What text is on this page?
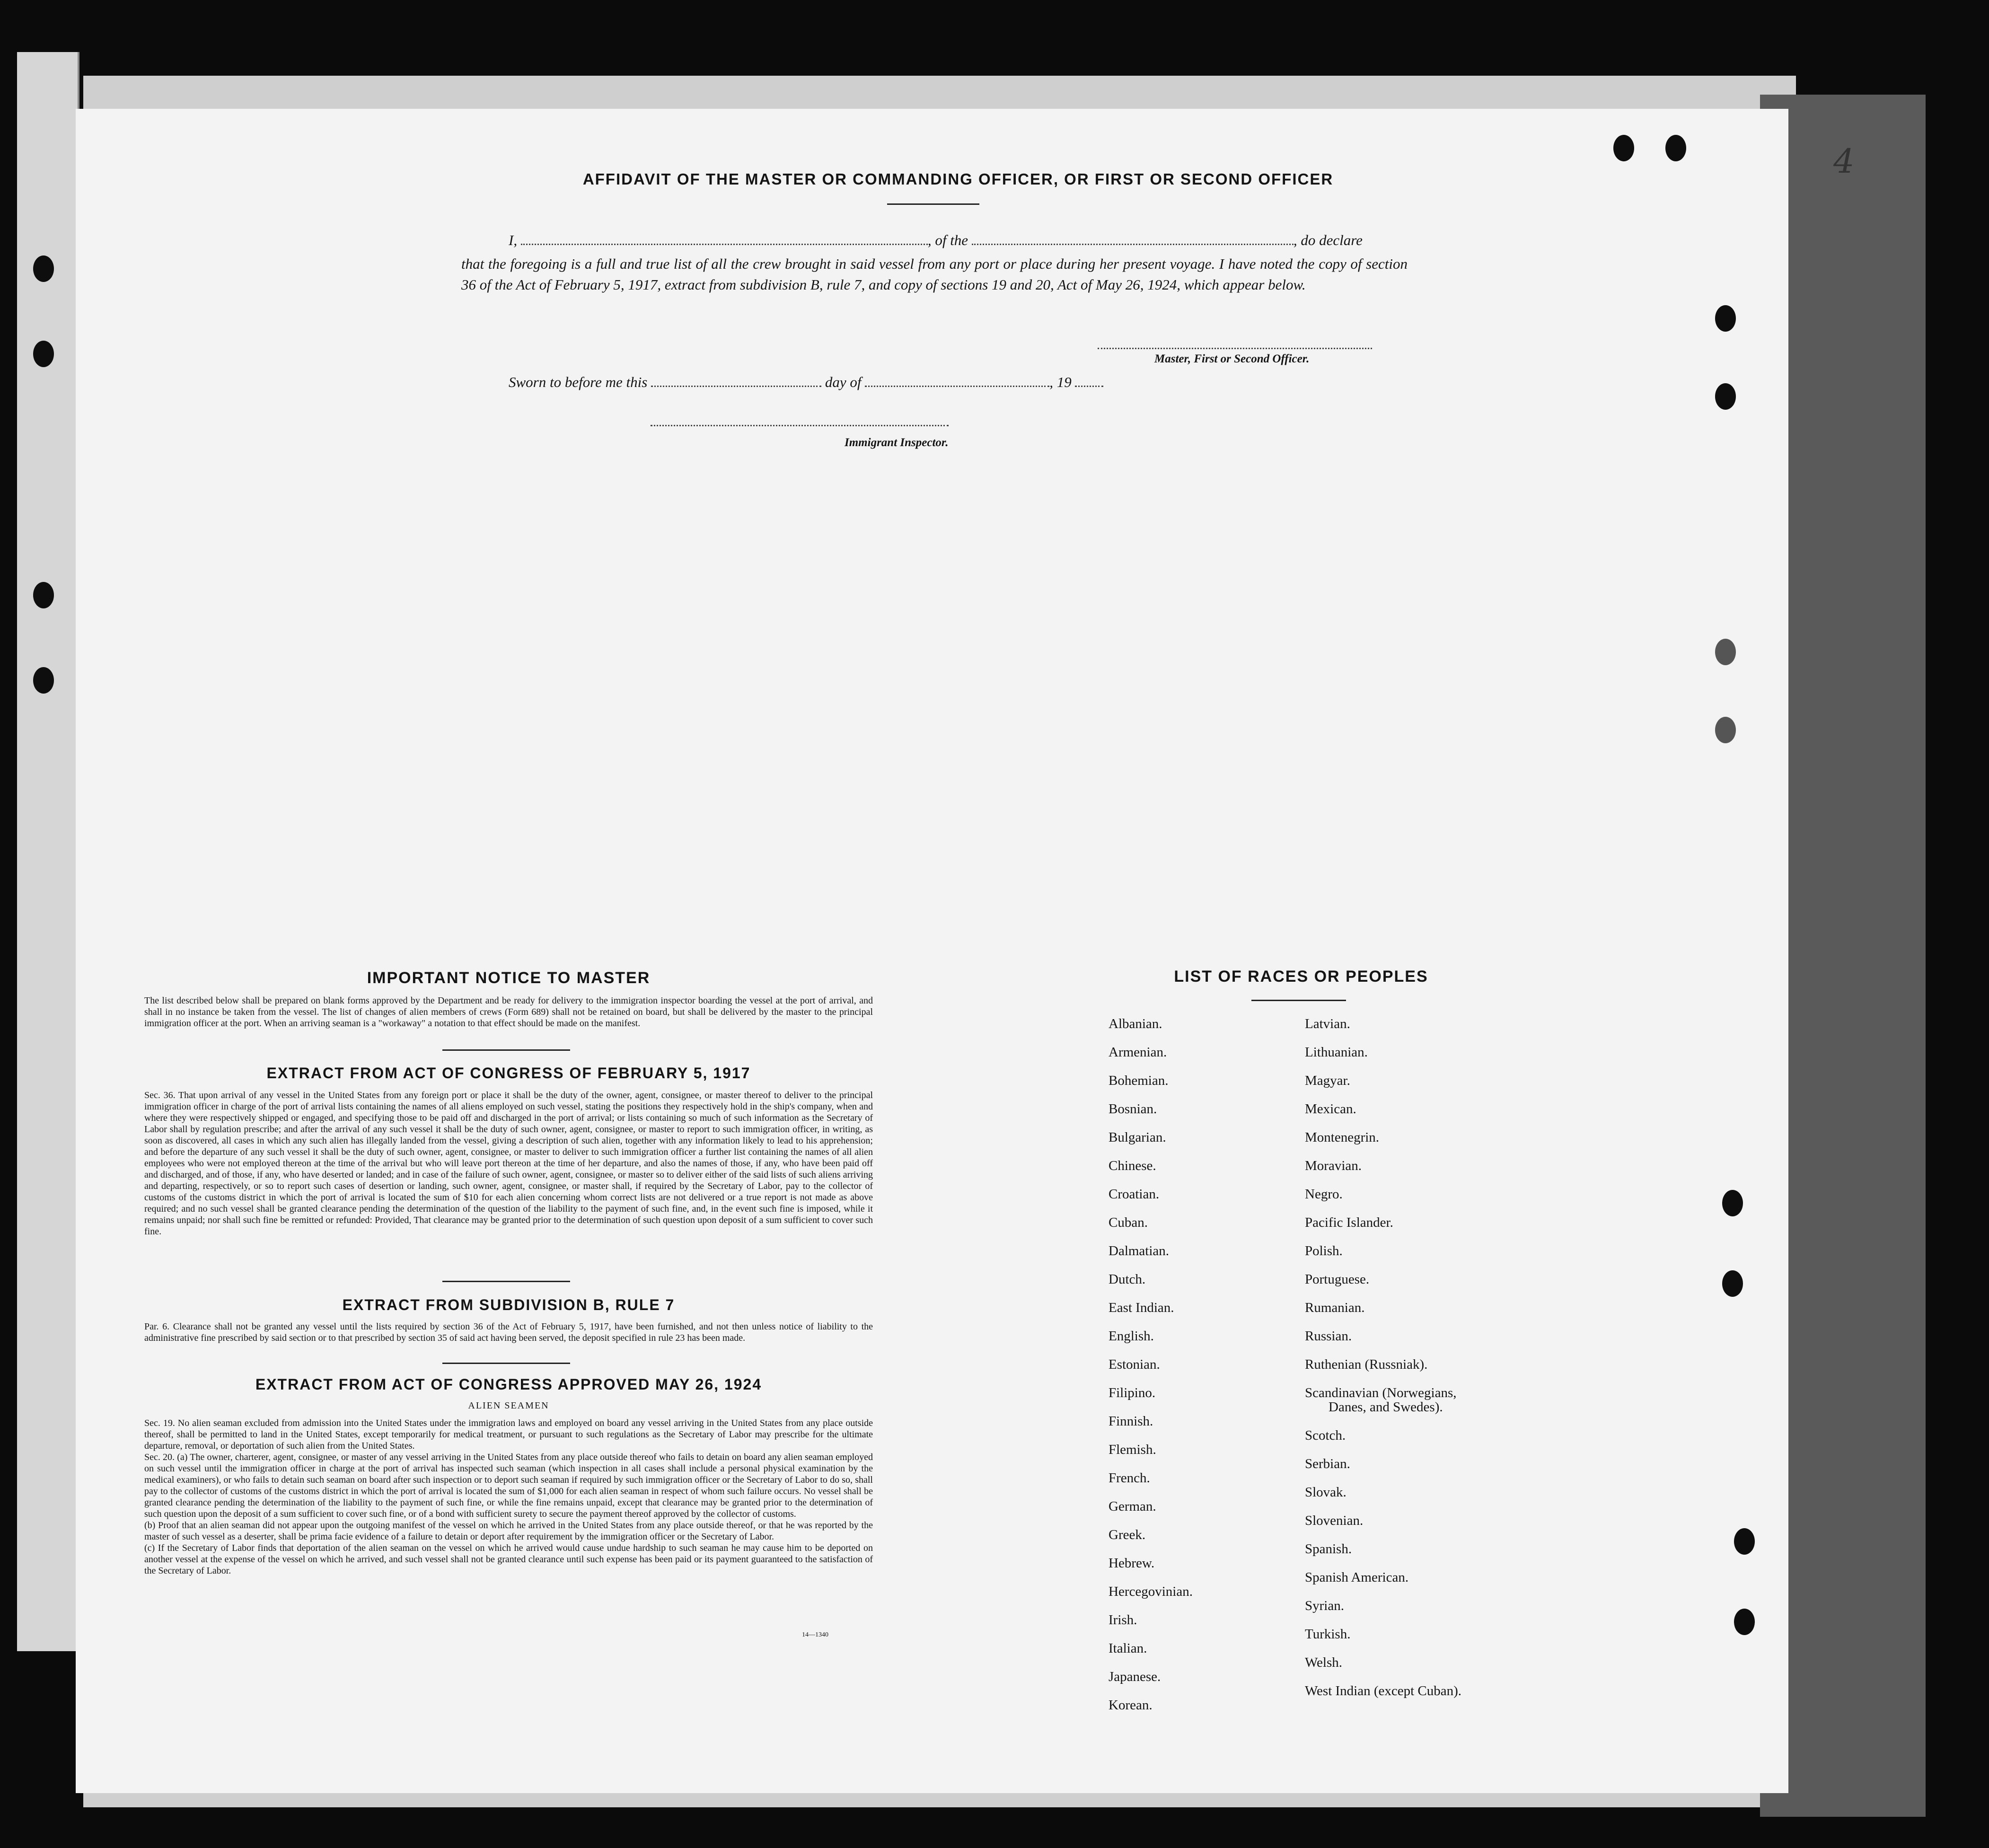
4
AFFIDAVIT OF THE MASTER OR COMMANDING OFFICER, OR FIRST OR SECOND OFFICER
I,	, of the	, do declare
that the foregoing is a full and true list of all the crew brought in said vessel from any port or place during her present voyage. I have noted the copy of section 36 of the Act of February 5, 1917, extract from subdivision B, rule 7, and copy of sections 19 and 20, Act of May 26, 1924, which appear below.
Master, First or Second Officer.
Sworn to before me this	day of	, 19
Immigrant Inspector.
IMPORTANT NOTICE TO MASTER
The list described below shall be prepared on blank forms approved by the Department and be ready for delivery to the immigration inspector boarding the vessel at the port of arrival, and shall in no instance be taken from the vessel. The list of changes of alien members of crews (Form 689) shall not be retained on board, but shall be delivered by the master to the principal immigration officer at the port. When an arriving seaman is a "workaway" a notation to that effect should be made on the manifest.
EXTRACT FROM ACT OF CONGRESS OF FEBRUARY 5, 1917
Sec. 36. That upon arrival of any vessel in the United States from any foreign port or place it shall be the duty of the owner, agent, consignee, or master thereof to deliver to the principal immigration officer in charge of the port of arrival lists containing the names of all aliens employed on such vessel, stating the positions they respectively hold in the ship's company, when and where they were respectively shipped or engaged, and specifying those to be paid off and discharged in the port of arrival; or lists containing so much of such information as the Secretary of Labor shall by regulation prescribe; and after the arrival of any such vessel it shall be the duty of such owner, agent, consignee, or master to report to such immigration officer, in writing, as soon as discovered, all cases in which any such alien has illegally landed from the vessel, giving a description of such alien, together with any information likely to lead to his apprehension; and before the departure of any such vessel it shall be the duty of such owner, agent, consignee, or master to deliver to such immigration officer a further list containing the names of all alien employees who were not employed thereon at the time of the arrival but who will leave port thereon at the time of her departure, and also the names of those, if any, who have been paid off and discharged, and of those, if any, who have deserted or landed; and in case of the failure of such owner, agent, consignee, or master so to deliver either of the said lists of such aliens arriving and departing, respectively, or so to report such cases of desertion or landing, such owner, agent, consignee, or master shall, if required by the Secretary of Labor, pay to the collector of customs of the customs district in which the port of arrival is located the sum of $10 for each alien concerning whom correct lists are not delivered or a true report is not made as above required; and no such vessel shall be granted clearance pending the determination of the question of the liability to the payment of such fine, and, in the event such fine is imposed, while it remains unpaid; nor shall such fine be remitted or refunded: Provided, That clearance may be granted prior to the determination of such question upon deposit of a sum sufficient to cover such fine.
EXTRACT FROM SUBDIVISION B, RULE 7
Par. 6. Clearance shall not be granted any vessel until the lists required by section 36 of the Act of February 5, 1917, have been furnished, and not then unless notice of liability to the administrative fine prescribed by said section or to that prescribed by section 35 of said act having been served, the deposit specified in rule 23 has been made.
EXTRACT FROM ACT OF CONGRESS APPROVED MAY 26, 1924
ALIEN SEAMEN
Sec. 19. No alien seaman excluded from admission into the United States under the immigration laws and employed on board any vessel arriving in the United States from any place outside thereof, shall be permitted to land in the United States, except temporarily for medical treatment, or pursuant to such regulations as the Secretary of Labor may prescribe for the ultimate departure, removal, or deportation of such alien from the United States.
Sec. 20. (a) The owner, charterer, agent, consignee, or master of any vessel arriving in the United States from any place outside thereof who fails to detain on board any alien seaman employed on such vessel until the immigration officer in charge at the port of arrival has inspected such seaman (which inspection in all cases shall include a personal physical examination by the medical examiners), or who fails to detain such seaman on board after such inspection or to deport such seaman if required by such immigration officer or the Secretary of Labor to do so, shall pay to the collector of customs of the customs district in which the port of arrival is located the sum of $1,000 for each alien seaman in respect of whom such failure occurs. No vessel shall be granted clearance pending the determination of the liability to the payment of such fine, or while the fine remains unpaid, except that clearance may be granted prior to the determination of such question upon the deposit of a sum sufficient to cover such fine, or of a bond with sufficient surety to secure the payment thereof approved by the collector of customs.
(b) Proof that an alien seaman did not appear upon the outgoing manifest of the vessel on which he arrived in the United States from any place outside thereof, or that he was reported by the master of such vessel as a deserter, shall be prima facie evidence of a failure to detain or deport after requirement by the immigration officer or the Secretary of Labor.
(c) If the Secretary of Labor finds that deportation of the alien seaman on the vessel on which he arrived would cause undue hardship to such seaman he may cause him to be deported on another vessel at the expense of the vessel on which he arrived, and such vessel shall not be granted clearance until such expense has been paid or its payment guaranteed to the satisfaction of the Secretary of Labor.
14—1340
LIST OF RACES OR PEOPLES
Albanian.
Armenian.
Bohemian.
Bosnian.
Bulgarian.
Chinese.
Croatian.
Cuban.
Dalmatian.
Dutch.
East Indian.
English.
Estonian.
Filipino.
Finnish.
Flemish.
French.
German.
Greek.
Hebrew.
Hercegovinian.
Irish.
Italian.
Japanese.
Korean.
Latvian.
Lithuanian.
Magyar.
Mexican.
Montenegrin.
Moravian.
Negro.
Pacific Islander.
Polish.
Portuguese.
Rumanian.
Russian.
Ruthenian (Russniak).
Scandinavian (Norwegians,
Danes, and Swedes).
Scotch.
Serbian.
Slovak.
Slovenian.
Spanish.
Spanish American.
Syrian.
Turkish.
Welsh.
West Indian (except Cuban).
